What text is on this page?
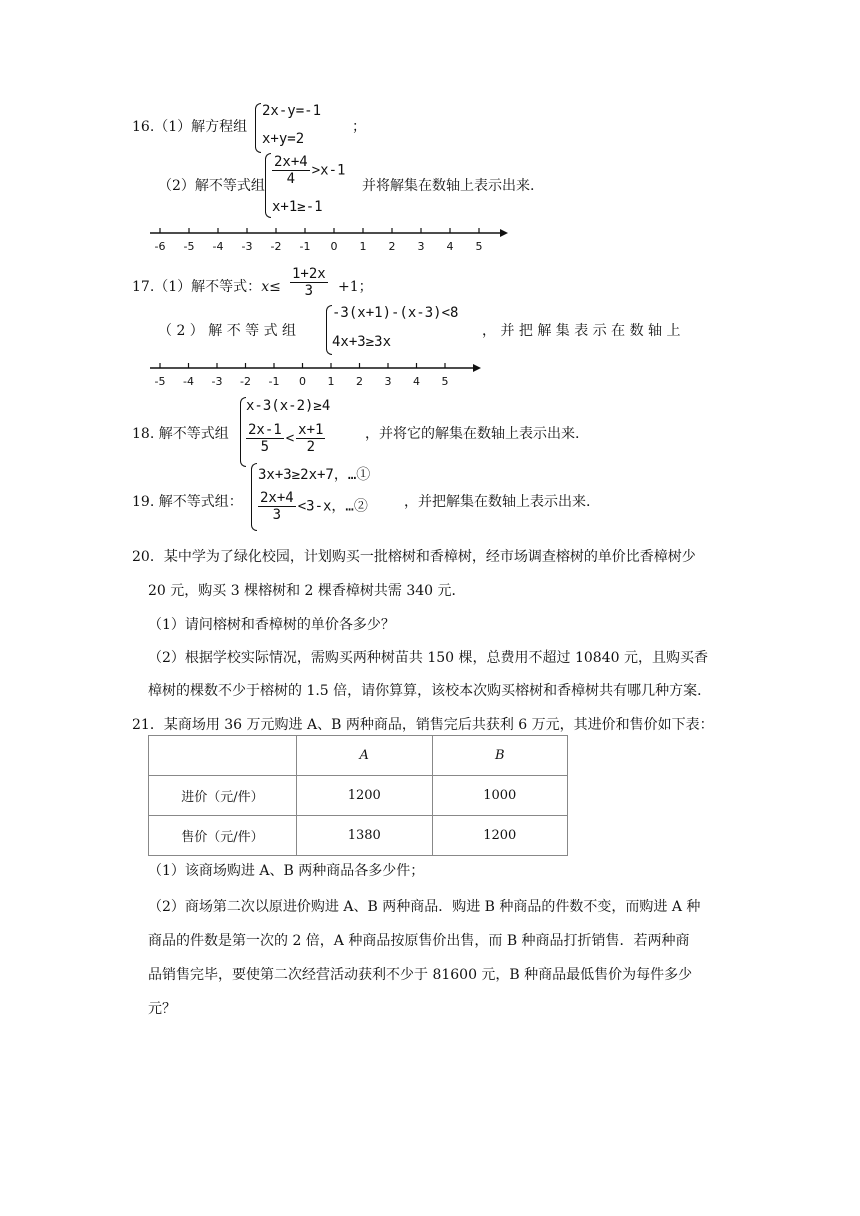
16.（1）解方程组
2x-y=-1
x+y=2
；
（2）解不等式组 $\frac{2x+4}{4} >x-1$
x+1≥-1
并将解集在数轴上表示出来.
-6 -5 -4 -3 -2 -1 0 1 2 3 4 5
17.（1）解不等式：$x\le \frac{1+2x}{3} +1$；
（ 2 ） 解 不 等 式 组
-3(x+1)-(x-3)<8
4x+3≥3x
， 并 把 解 集 表 示 在 数 轴 上
-5 -4 -3 -2 -1 0 1 2 3 4 5
18. 解不等式组
x-3(x-2)≥4
$\frac{2x-1}{5} < \frac{x+1}{2}$	，并将它的解集在数轴上表示出来.
19. 解不等式组：
3x+3≥2x+7，…①
$\frac{2x+4}{3} <3-x$，…②	，并把解集在数轴上表示出来.
20．某中学为了绿化校园，计划购买一批榕树和香樟树，经市场调查榕树的单价比香樟树少
20 元，购买 3 棵榕树和 2 棵香樟树共需 340 元．
（1）请问榕树和香樟树的单价各多少？
（2）根据学校实际情况，需购买两种树苗共 150 棵，总费用不超过 10840 元，且购买香
樟树的棵数不少于榕树的 1.5 倍，请你算算，该校本次购买榕树和香樟树共有哪几种方案．
21．某商场用 36 万元购进 A、B 两种商品，销售完后共获利 6 万元，其进价和售价如下表：
	A	B
进价（元/件）	1200	1000
售价（元/件）	1380	1200
（1）该商场购进 A、B 两种商品各多少件；
（2）商场第二次以原进价购进 A、B 两种商品．购进 B 种商品的件数不变，而购进 A 种
商品的件数是第一次的 2 倍，A 种商品按原售价出售，而 B 种商品打折销售．若两种商
品销售完毕，要使第二次经营活动获利不少于 81600 元，B 种商品最低售价为每件多少
元？
